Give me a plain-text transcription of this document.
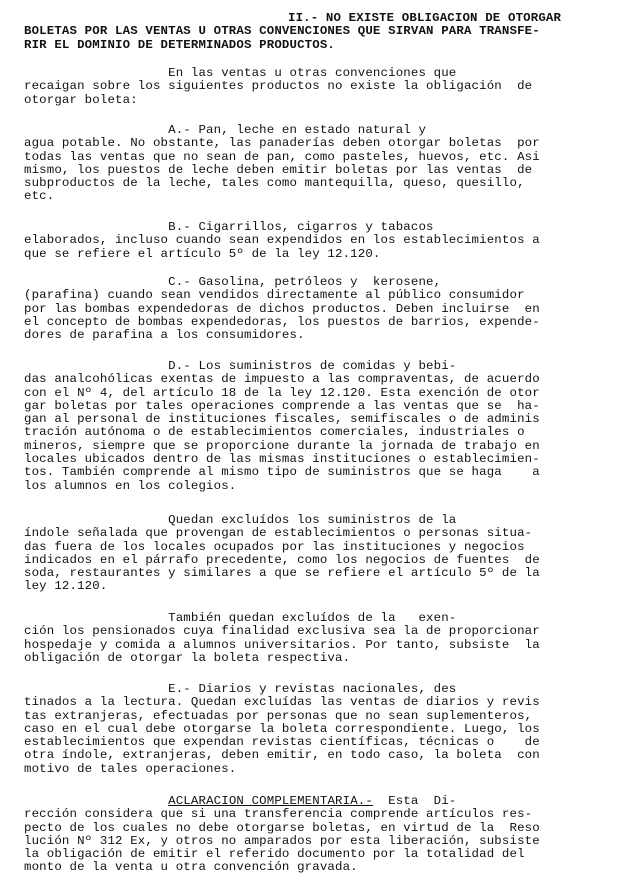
II.- NO EXISTE OBLIGACION DE OTORGAR
BOLETAS POR LAS VENTAS U OTRAS CONVENCIONES QUE SIRVAN PARA TRANSFE-
RIR EL DOMINIO DE DETERMINADOS PRODUCTOS.
En las ventas u otras convenciones que
recaigan sobre los siguientes productos no existe la obligación  de
otorgar boleta:
A.- Pan, leche en estado natural y
agua potable. No obstante, las panaderías deben otorgar boletas  por
todas las ventas que no sean de pan, como pasteles, huevos, etc. Asi
mismo, los puestos de leche deben emitir boletas por las ventas  de
subproductos de la leche, tales como mantequilla, queso, quesillo,
etc.
B.- Cigarrillos, cigarros y tabacos
elaborados, incluso cuando sean expendidos en los establecimientos a
que se refiere el artículo 5º de la ley 12.120.
C.- Gasolina, petróleos y  kerosene,
(parafina) cuando sean vendidos directamente al público consumidor
por las bombas expendedoras de dichos productos. Deben incluirse  en
el concepto de bombas expendedoras, los puestos de barrios, expende-
dores de parafina a los consumidores.
D.- Los suministros de comidas y bebi-
das analcohólicas exentas de impuesto a las compraventas, de acuerdo
con el Nº 4, del artículo 18 de la ley 12.120. Esta exención de otor
gar boletas por tales operaciones comprende a las ventas que se  ha-
gan al personal de instituciones fiscales, semifiscales o de adminis
tración autónoma o de establecimientos comerciales, industriales o
mineros, siempre que se proporcione durante la jornada de trabajo en
locales ubicados dentro de las mismas instituciones o establecimien-
tos. También comprende al mismo tipo de suministros que se haga    a
los alumnos en los colegios.
Quedan excluídos los suministros de la
índole señalada que provengan de establecimientos o personas situa-
das fuera de los locales ocupados por las instituciones y negocios
indicados en el párrafo precedente, como los negocios de fuentes  de
soda, restaurantes y similares a que se refiere el artículo 5º de la
ley 12.120.
También quedan excluídos de la   exen-
ción los pensionados cuya finalidad exclusiva sea la de proporcionar
hospedaje y comida a alumnos universitarios. Por tanto, subsiste  la
obligación de otorgar la boleta respectiva.
E.- Diarios y revistas nacionales, des
tinados a la lectura. Quedan excluídas las ventas de diarios y revis
tas extranjeras, efectuadas por personas que no sean suplementeros,
caso en el cual debe otorgarse la boleta correspondiente. Luego, los
establecimientos que expendan revistas científicas, técnicas o    de
otra índole, extranjeras, deben emitir, en todo caso, la boleta  con
motivo de tales operaciones.
ACLARACION COMPLEMENTARIA.-  Esta  Di-
rección considera que si una transferencia comprende artículos res-
pecto de los cuales no debe otorgarse boletas, en virtud de la  Reso
lución Nº 312 Ex, y otros no amparados por esta liberación, subsiste
la obligación de emitir el referido documento por la totalidad del
monto de la venta u otra convención gravada.
